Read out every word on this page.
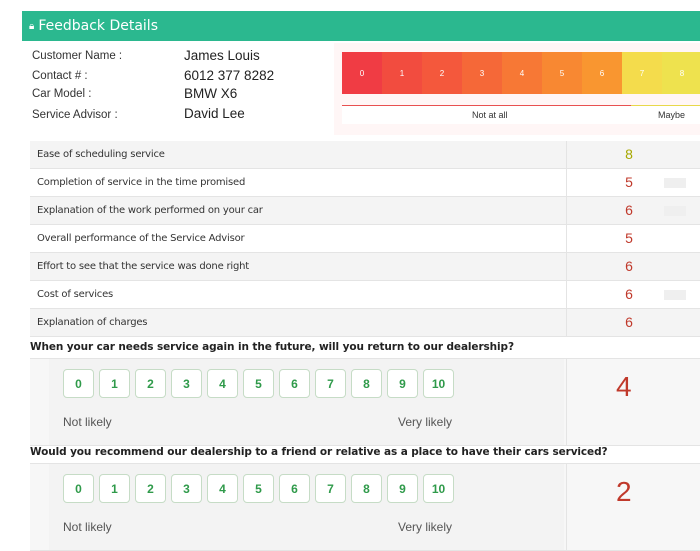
🔒︎ Feedback Details
Customer Name :	James Louis
Contact # :	6012 377 8282
Car Model :	BMW X6
Service Advisor :	David Lee
0	1	2	3	4	5	6	7	8
Not at all	Maybe
Ease of scheduling service	8
Completion of service in the time promised	5
Explanation of the work performed on your car	6
Overall performance of the Service Advisor	5
Effort to see that the service was done right	6
Cost of services	6
Explanation of charges	6
When your car needs service again in the future, will you return to our dealership?
0	1	2	3	4	5	6	7	8	9	10
Not likely	Very likely
4
Would you recommend our dealership to a friend or relative as a place to have their cars serviced?
0	1	2	3	4	5	6	7	8	9	10
Not likely	Very likely
2
